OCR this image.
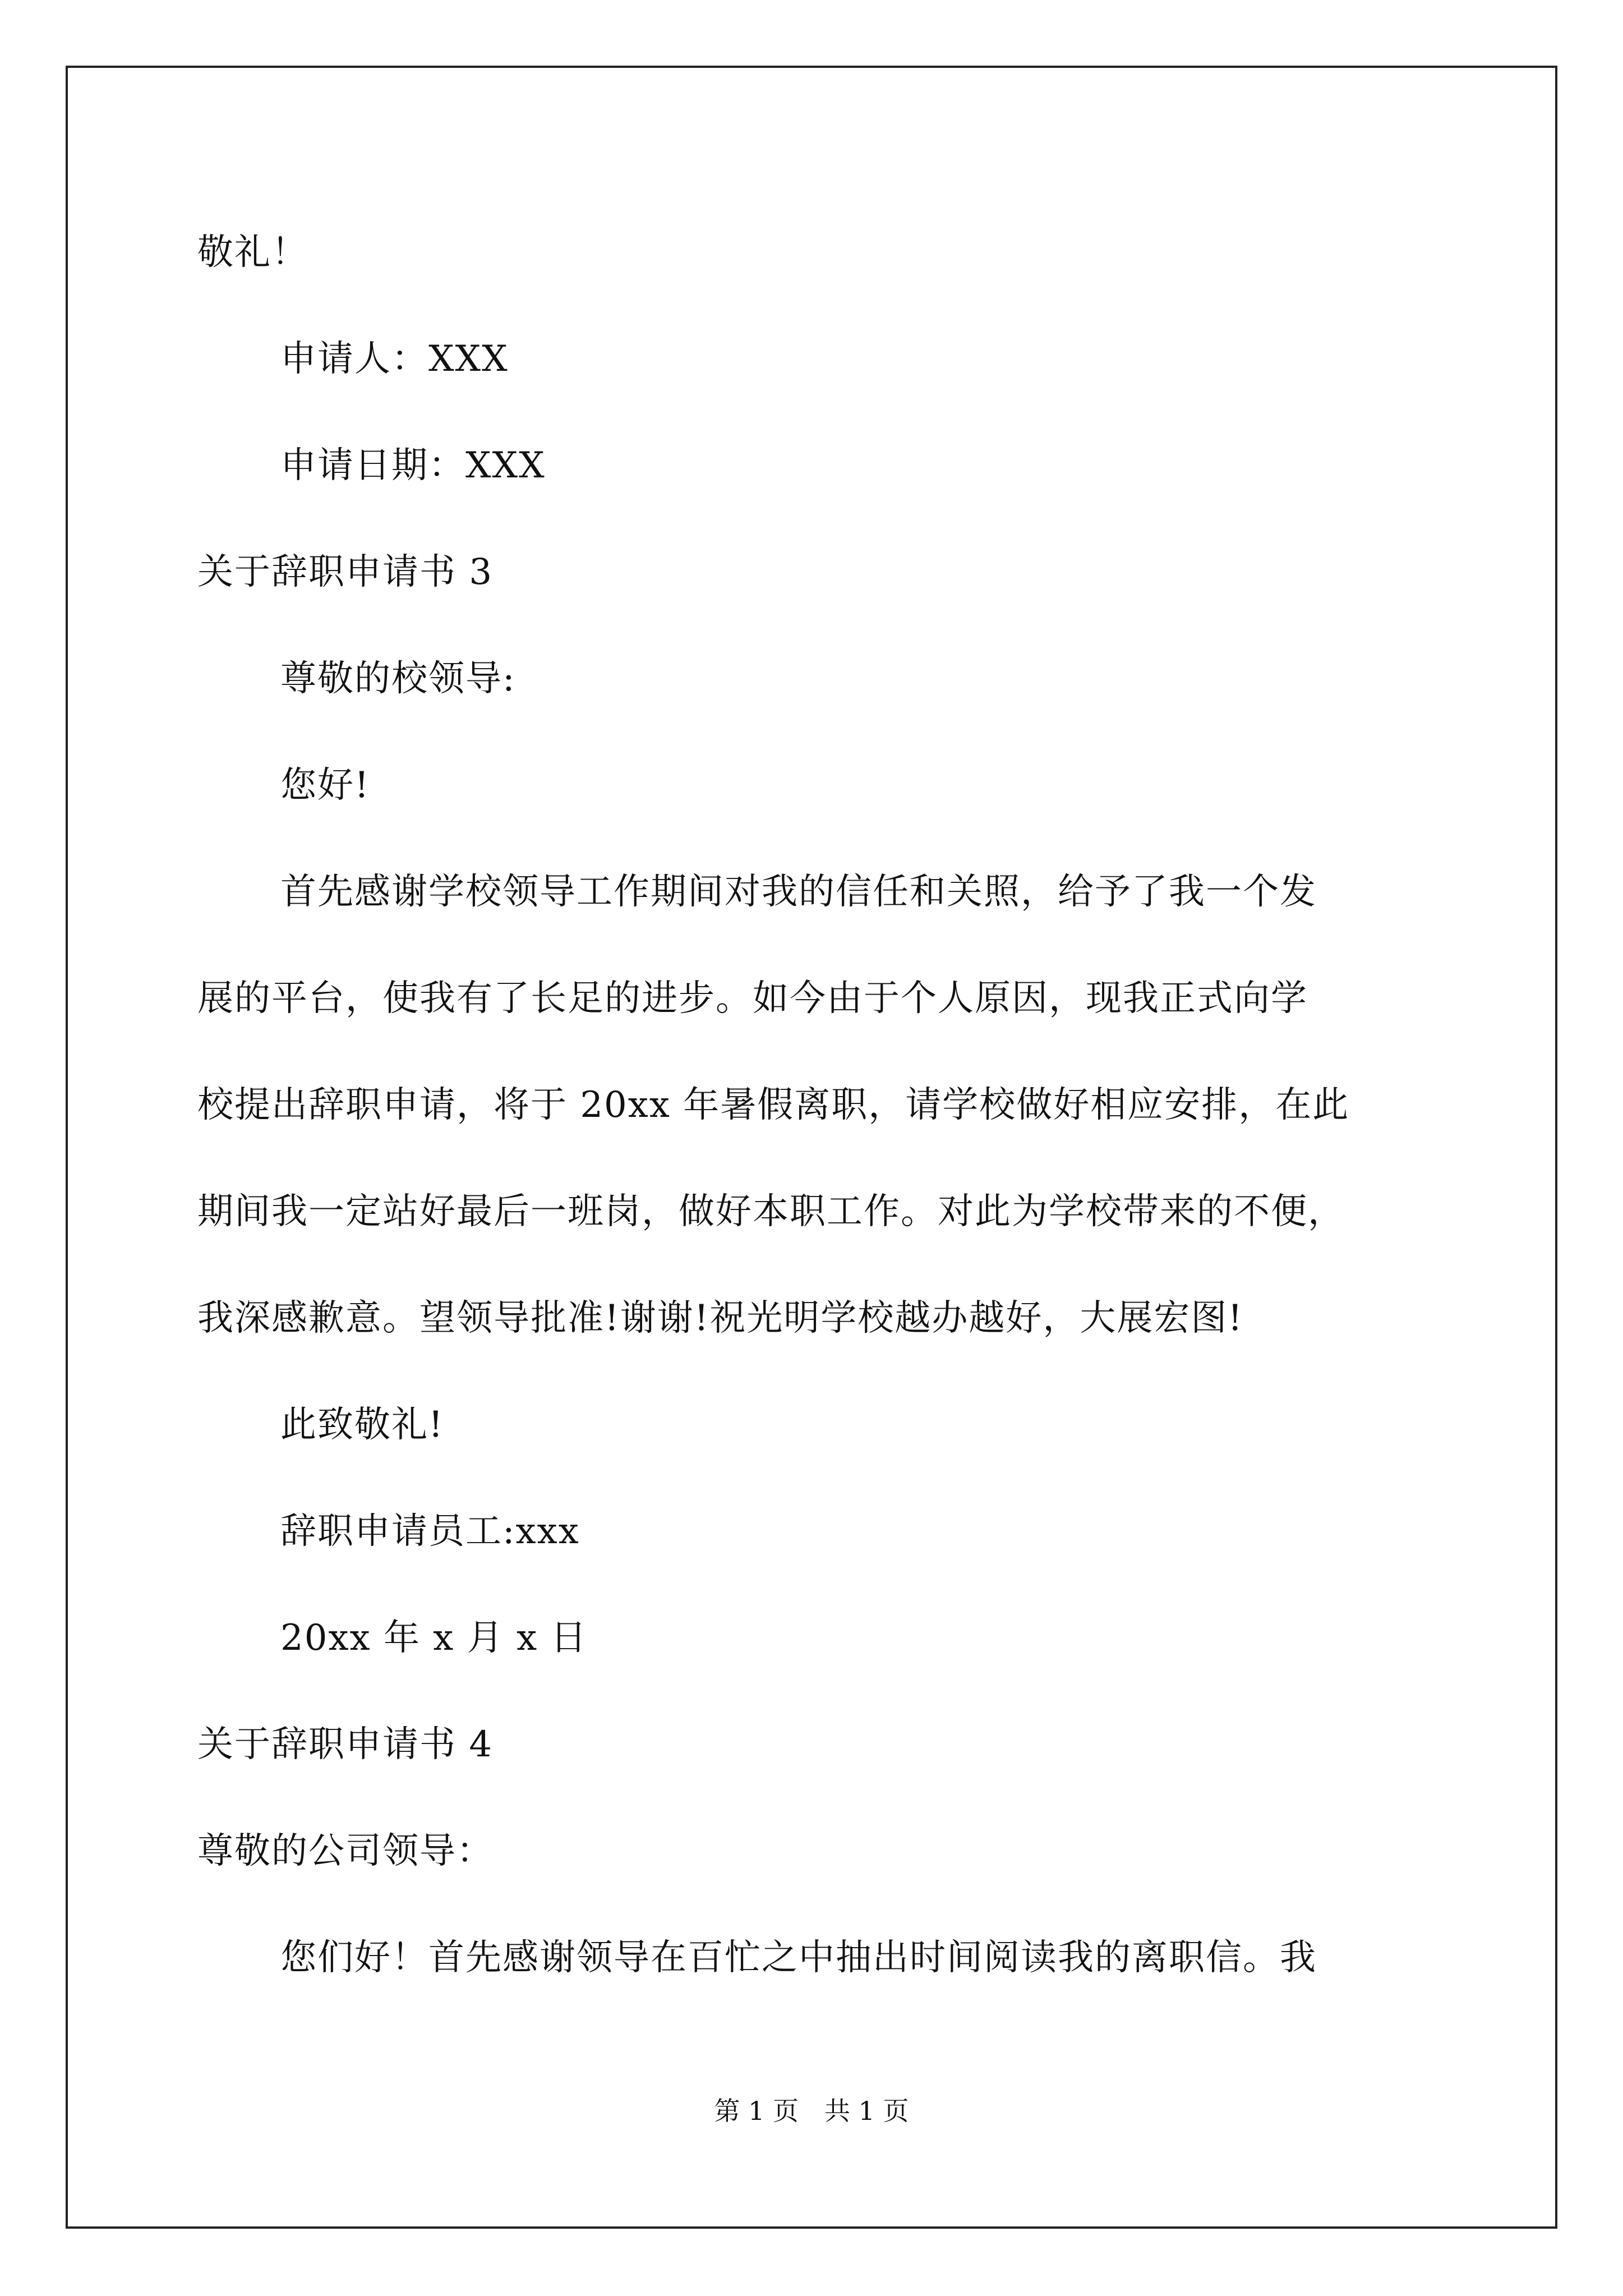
敬礼！
申请人：XXX
申请日期：XXX
关于辞职申请书 3
尊敬的校领导:
您好!
首先感谢学校领导工作期间对我的信任和关照，给予了我一个发
展的平台，使我有了长足的进步。如今由于个人原因，现我正式向学
校提出辞职申请，将于 20xx 年暑假离职，请学校做好相应安排，在此
期间我一定站好最后一班岗，做好本职工作。对此为学校带来的不便，
我深感歉意。望领导批准!谢谢!祝光明学校越办越好，大展宏图!
此致敬礼!
辞职申请员工:xxx
20xx 年 x 月 x 日
关于辞职申请书 4
尊敬的公司领导：
您们好！首先感谢领导在百忙之中抽出时间阅读我的离职信。我
第 1 页　共 1 页
